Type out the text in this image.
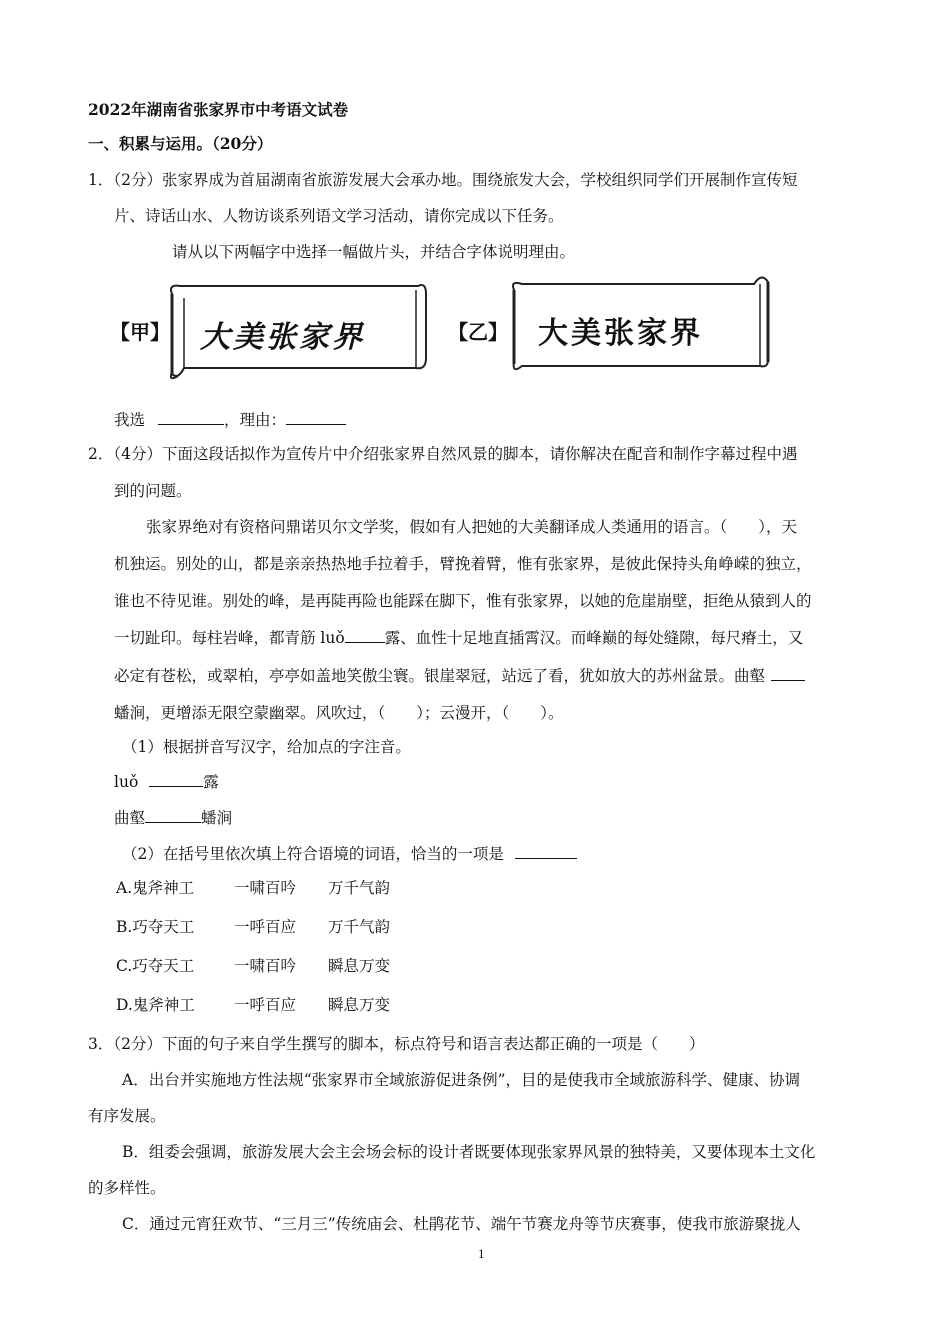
2022年湖南省张家界市中考语文试卷
一、积累与运用。（20分）
1．（2分）张家界成为首届湖南省旅游发展大会承办地。围绕旅发大会，学校组织同学们开展制作宣传短
片、诗话山水、人物访谈系列语文学习活动，请你完成以下任务。
请从以下两幅字中选择一幅做片头，并结合字体说明理由。
【甲】 大美张家界	【乙】 大美张家界
我选	，理由：
2．（4分）下面这段话拟作为宣传片中介绍张家界自然风景的脚本，请你解决在配音和制作字幕过程中遇
到的问题。
张家界绝对有资格问鼎诺贝尔文学奖，假如有人把她的大美翻译成人类通用的语言。（　　），天
机独运。别处的山，都是亲亲热热地手拉着手，臂挽着臂，惟有张家界，是彼此保持头角峥嵘的独立，
谁也不待见谁。别处的峰，是再陡再险也能踩在脚下，惟有张家界，以她的危崖崩壁，拒绝从猿到人的
一切趾印。每柱岩峰，都青筋 luǒ	露、血性十足地直插霄汉。而峰巅的每处缝隙，每尺瘠土，又
必定有苍松，或翠柏，亭亭如盖地笑傲尘寰。银崖翠冠，站远了看，犹如放大的苏州盆景。曲壑
蟠涧，更增添无限空蒙幽翠。风吹过，（　　）；云漫开，（　　）。
（1）根据拼音写汉字，给加点的字注音。
luǒ	露
曲壑	蟠涧
（2）在括号里依次填上符合语境的词语，恰当的一项是
A.鬼斧神工	一啸百吟 万千气韵
B.巧夺天工	一呼百应 万千气韵
C.巧夺天工	一啸百吟 瞬息万变
D.鬼斧神工	一呼百应 瞬息万变
3．（2分）下面的句子来自学生撰写的脚本，标点符号和语言表达都正确的一项是（　　）
A．出台并实施地方性法规“张家界市全域旅游促进条例”，目的是使我市全域旅游科学、健康、协调
有序发展。
B．组委会强调，旅游发展大会主会场会标的设计者既要体现张家界风景的独特美，又要体现本土文化
的多样性。
C．通过元宵狂欢节、“三月三”传统庙会、杜鹃花节、端午节赛龙舟等节庆赛事，使我市旅游聚拢人
1
